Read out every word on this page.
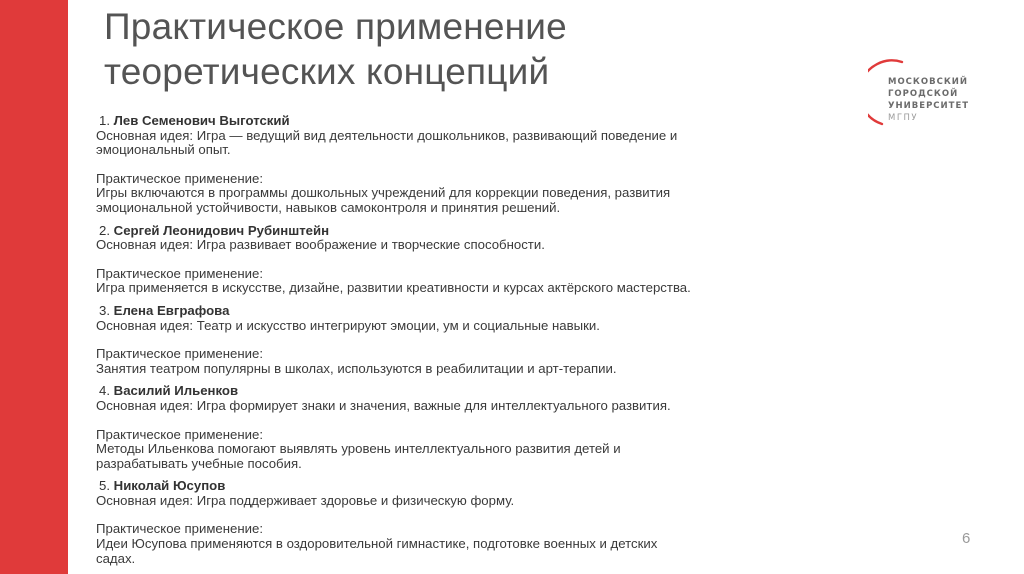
Практическое применение
теоретических концепций	МОСКОВСКИЙ
ГОРОДСКОЙ
УНИВЕРСИТЕТ
МГПУ
1. Лев Семенович Выготский
Основная идея: Игра — ведущий вид деятельности дошкольников, развивающий поведение и
эмоциональный опыт.
Практическое применение:
Игры включаются в программы дошкольных учреждений для коррекции поведения, развития
эмоциональной устойчивости, навыков самоконтроля и принятия решений.
2. Сергей Леонидович Рубинштейн
Основная идея: Игра развивает воображение и творческие способности.
Практическое применение:
Игра применяется в искусстве, дизайне, развитии креативности и курсах актёрского мастерства.
3. Елена Евграфова
Основная идея: Театр и искусство интегрируют эмоции, ум и социальные навыки.
Практическое применение:
Занятия театром популярны в школах, используются в реабилитации и арт-терапии.
4. Василий Ильенков
Основная идея: Игра формирует знаки и значения, важные для интеллектуального развития.
Практическое применение:
Методы Ильенкова помогают выявлять уровень интеллектуального развития детей и
разрабатывать учебные пособия.
5. Николай Юсупов
Основная идея: Игра поддерживает здоровье и физическую форму.
Практическое применение:
Идеи Юсупова применяются в оздоровительной гимнастике, подготовке военных и детских
садах.
6
